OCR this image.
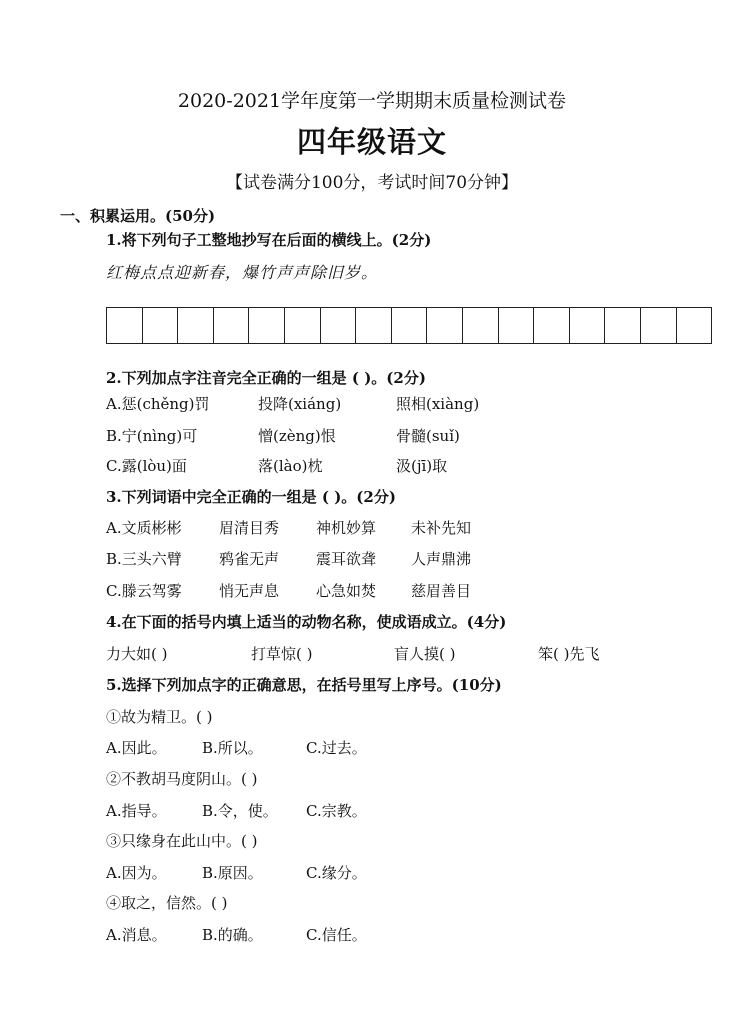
2020-2021学年度第一学期期末质量检测试卷
四年级语文
【试卷满分100分，考试时间70分钟】
一、积累运用。(50分)
1.将下列句子工整地抄写在后面的横线上。(2分)
红梅点点迎新春，爆竹声声除旧岁。
2.下列加点字注音完全正确的一组是 ( )。(2分)
A.惩(chěng)罚	投降(xiáng)	照相(xiàng)
B.宁(nìng)可	憎(zèng)恨	骨髓(suǐ)
C.露(lòu)面	落(lào)枕	汲(jī)取
3.下列词语中完全正确的一组是 ( )。(2分)
A.文质彬彬 眉清目秀 神机妙算 未补先知
B.三头六臂 鸦雀无声 震耳欲聋 人声鼎沸
C.滕云驾雾 悄无声息 心急如焚 慈眉善目
4.在下面的括号内填上适当的动物名称，使成语成立。(4分)
力大如( )	打草惊( )	盲人摸( )	笨( )先飞
5.选择下列加点字的正确意思，在括号里写上序号。(10分)
①故为精卫。( )
A.因此。 B.所以。	C.过去。
②不教胡马度阴山。( )
A.指导。 B.令，使。 C.宗教。
③只缘身在此山中。( )
A.因为。 B.原因。	C.缘分。
④取之，信然。( )
A.消息。 B.的确。	C.信任。
